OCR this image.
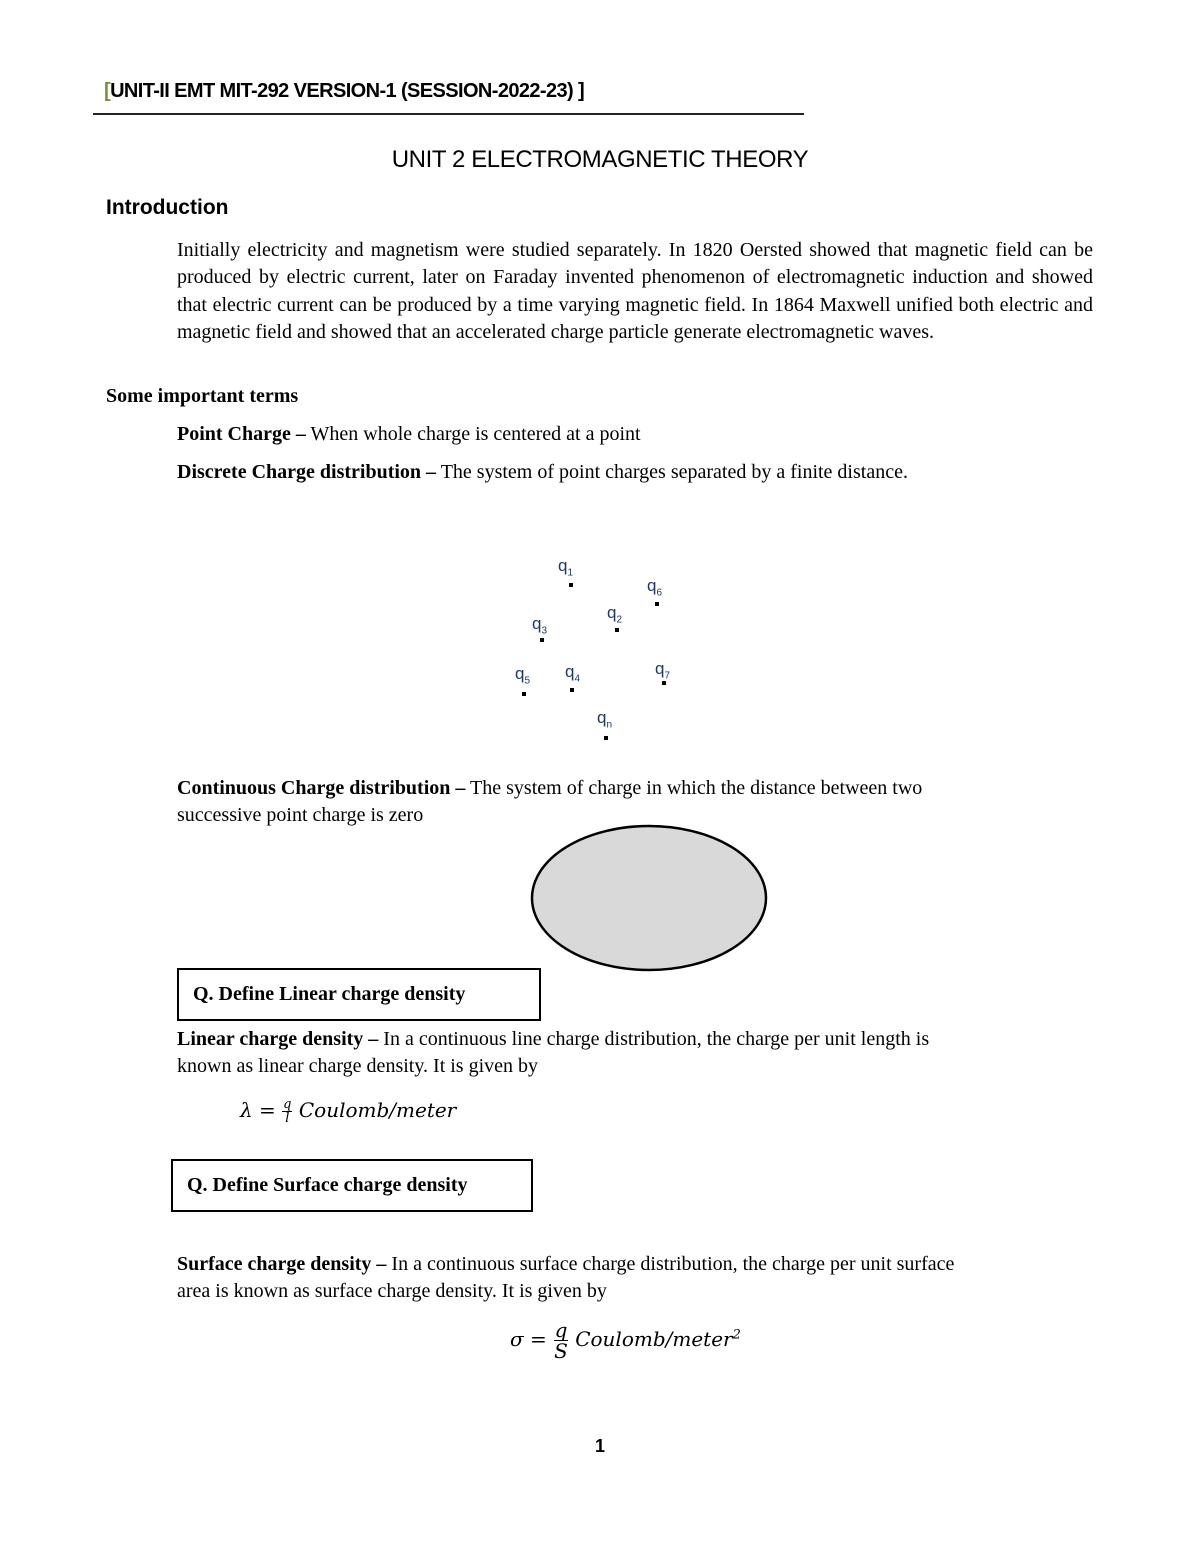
[UNIT-II EMT MIT-292 VERSION-1 (SESSION-2022-23) ]
UNIT 2 ELECTROMAGNETIC THEORY
Introduction
Initially electricity and magnetism were studied separately. In 1820 Oersted showed that magnetic field can be produced by electric current, later on Faraday invented phenomenon of electromagnetic induction and showed that electric current can be produced by a time varying magnetic field. In 1864 Maxwell unified both electric and magnetic field and showed that an accelerated charge particle generate electromagnetic waves.
Some important terms
Point Charge – When whole charge is centered at a point
Discrete Charge distribution – The system of point charges separated by a finite distance.
$q_1$
$q_6$
$q_2$
$q_3$
$q_5$ $q_4$
$q_7$
$q_n$
Continuous Charge distribution – The system of charge in which the distance between two
successive point charge is zero
Q. Define Linear charge density
Linear charge density – In a continuous line charge distribution, the charge per unit length is
known as linear charge density. It is given by
$\lambda = \frac{q}{l}$ Coulomb/meter
Q. Define Surface charge density
Surface charge density – In a continuous surface charge distribution, the charge per unit surface
area is known as surface charge density. It is given by
$\sigma = \frac{q}{S}$ Coulomb/meter$^2$
1
